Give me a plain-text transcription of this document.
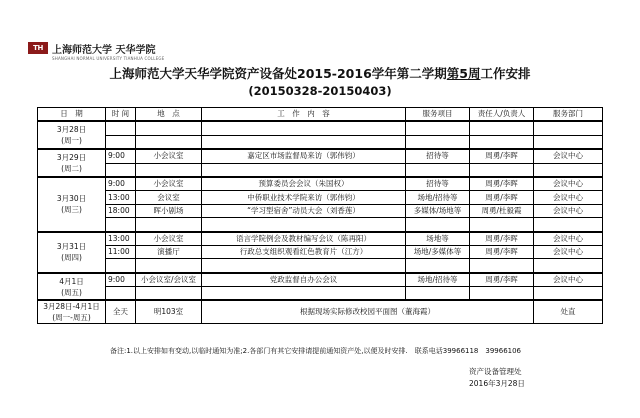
TH 上海师范大学 天华学院
SHANGHAI NORMAL UNIVERSITY TIANHUA COLLEGE
上海师范大学天华学院资产设备处2015-2016学年第二学期第5周工作安排
(20150328-20150403)
日　期	时 间	地　点	工　作　内　容	服务项目	责任人/负责人	服务部门

3月28日
(周一)						

3月29日
(周二)	9:00	小会议室	嘉定区市场监督局来访（郭伟钧）	招待等	周勇/李晖	会议中心

3月30日
(周三)	9:00	小会议室	预算委员会会议（朱国权）	招待等	周勇/李晖	会议中心
	13:00	会议室	中侨职业技术学院来访（郭伟钧）	场地/招待等	周勇/李晖	会议中心
	18:00	晖小剧场	“学习型宿舍”动员大会（刘香莲）	多媒体/场地等	周勇/杜毅霞	会议中心

3月31日
(周四)	13:00	小会议室	语言学院例会及教材编写会议（陈再阳）	场地等	周勇/李晖	会议中心
	11:00	演播厅	行政总支组织观看红色教育片（江方）	场地/多媒体等	周勇/李晖	会议中心

4月1日
(周五)	9:00	小会议室/会议室	党政监督自办公会议	场地/招待等	周勇/李晖	会议中心

3月28日-4月1日
(周一-周五)	全天	明103室	根据现场实际修改校园平面图（董海霞）			处直
备注:1.以上安排如有变动,以临时通知为准;2.各部门有其它安排请提前通知资产处,以便及时安排.　联系电话39966118　39966106
资产设备管理处
2016年3月28日
